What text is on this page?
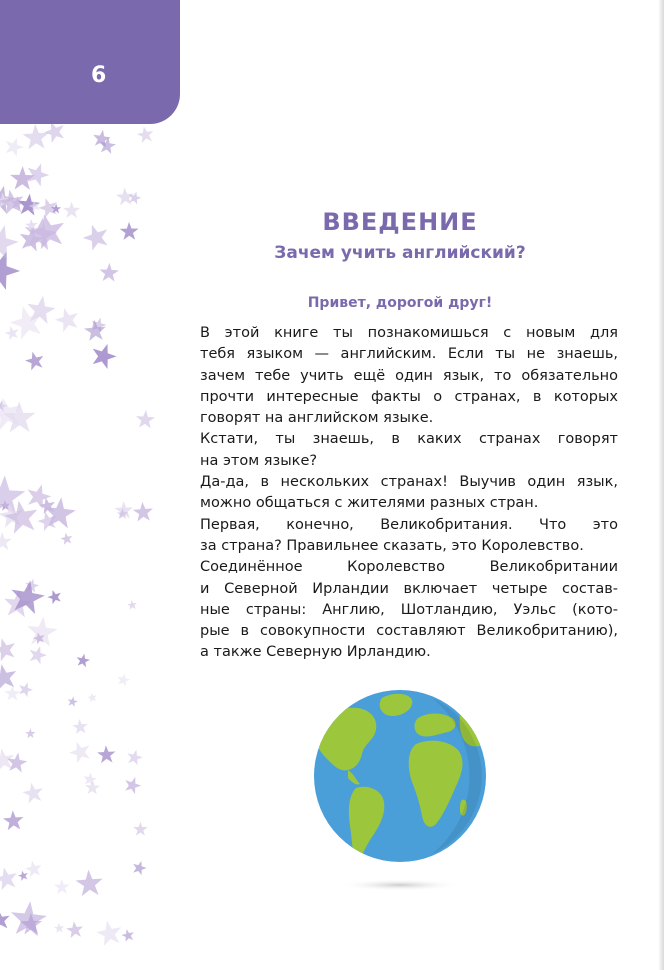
6
ВВЕДЕНИЕ
Зачем учить английский?
Привет, дорогой друг!

В этой книге ты познакомишься с новым для
тебя языком — английским. Если ты не знаешь,
зачем тебе учить ещё один язык, то обязательно
прочти интересные факты о странах, в которых
говорят на английском языке.

Кстати, ты знаешь, в каких странах говорят
на этом языке?

Да-да, в нескольких странах! Выучив один язык,
можно общаться с жителями разных стран.

Первая, конечно, Великобритания. Что это
за страна? Правильнее сказать, это Королевство.

Соединённое Королевство Великобритании
и Северной Ирландии включает четыре состав-
ные страны: Англию, Шотландию, Уэльс (кото-
рые в совокупности составляют Великобританию),
а также Северную Ирландию.
